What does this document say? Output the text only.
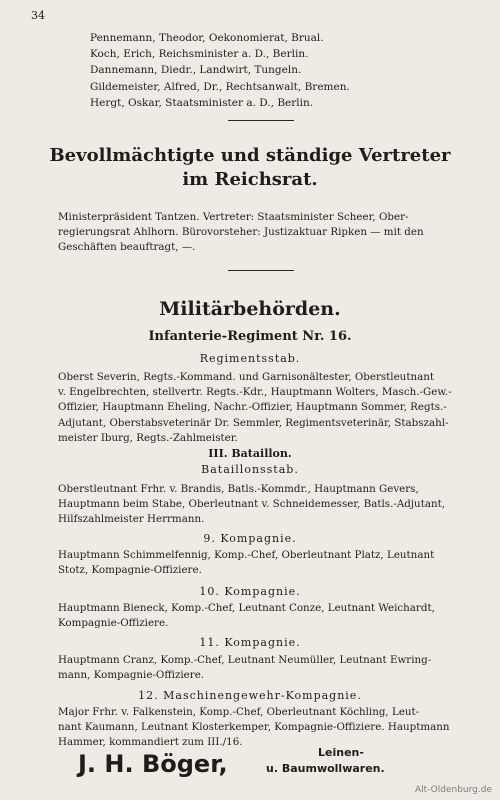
34
Pennemann, Theodor, Oekonomierat, Brual.
Koch, Erich, Reichsminister a. D., Berlin.
Dannemann, Diedr., Landwirt, Tungeln.
Gildemeister, Alfred, Dr., Rechtsanwalt, Bremen.
Hergt, Oskar, Staatsminister a. D., Berlin.
Bevollmächtigte und ständige Vertreter
im Reichsrat.
Ministerpräsident Tantzen. Vertreter: Staatsminister Scheer, Ober-
regierungsrat Ahlhorn. Bürovorsteher: Justizaktuar Ripken — mit den
Geschäften beauftragt, —.
Militärbehörden.
Infanterie-Regiment Nr. 16.
Regimentsstab.
Oberst Severin, Regts.-Kommand. und Garnisonältester, Oberstleutnant
v. Engelbrechten, stellvertr. Regts.-Kdr., Hauptmann Wolters, Masch.-Gew.-
Offizier, Hauptmann Eheling, Nachr.-Offizier, Hauptmann Sommer, Regts.-
Adjutant, Oberstabsveterinär Dr. Semmler, Regimentsveterinär, Stabszahl-
meister Iburg, Regts.-Zahlmeister.
III. Bataillon.
Bataillonsstab.
Oberstleutnant Frhr. v. Brandis, Batls.-Kommdr., Hauptmann Gevers,
Hauptmann beim Stabe, Oberleutnant v. Schneidemesser, Batls.-Adjutant,
Hilfszahlmeister Herrmann.
9. Kompagnie.
Hauptmann Schimmelfennig, Komp.-Chef, Oberleutnant Platz, Leutnant
Stotz, Kompagnie-Offiziere.
10. Kompagnie.
Hauptmann Bieneck, Komp.-Chef, Leutnant Conze, Leutnant Weichardt,
Kompagnie-Offiziere.
11. Kompagnie.
Hauptmann Cranz, Komp.-Chef, Leutnant Neumüller, Leutnant Ewring-
mann, Kompagnie-Offiziere.
12. Maschinengewehr-Kompagnie.
Major Frhr. v. Falkenstein, Komp.-Chef, Oberleutnant Köchling, Leut-
nant Kaumann, Leutnant Klosterkemper, Kompagnie-Offiziere. Hauptmann
Hammer, kommandiert zum III./16.
J. H. Böger,	Leinen-
u. Baumwollwaren.
Alt-Oldenburg.de
